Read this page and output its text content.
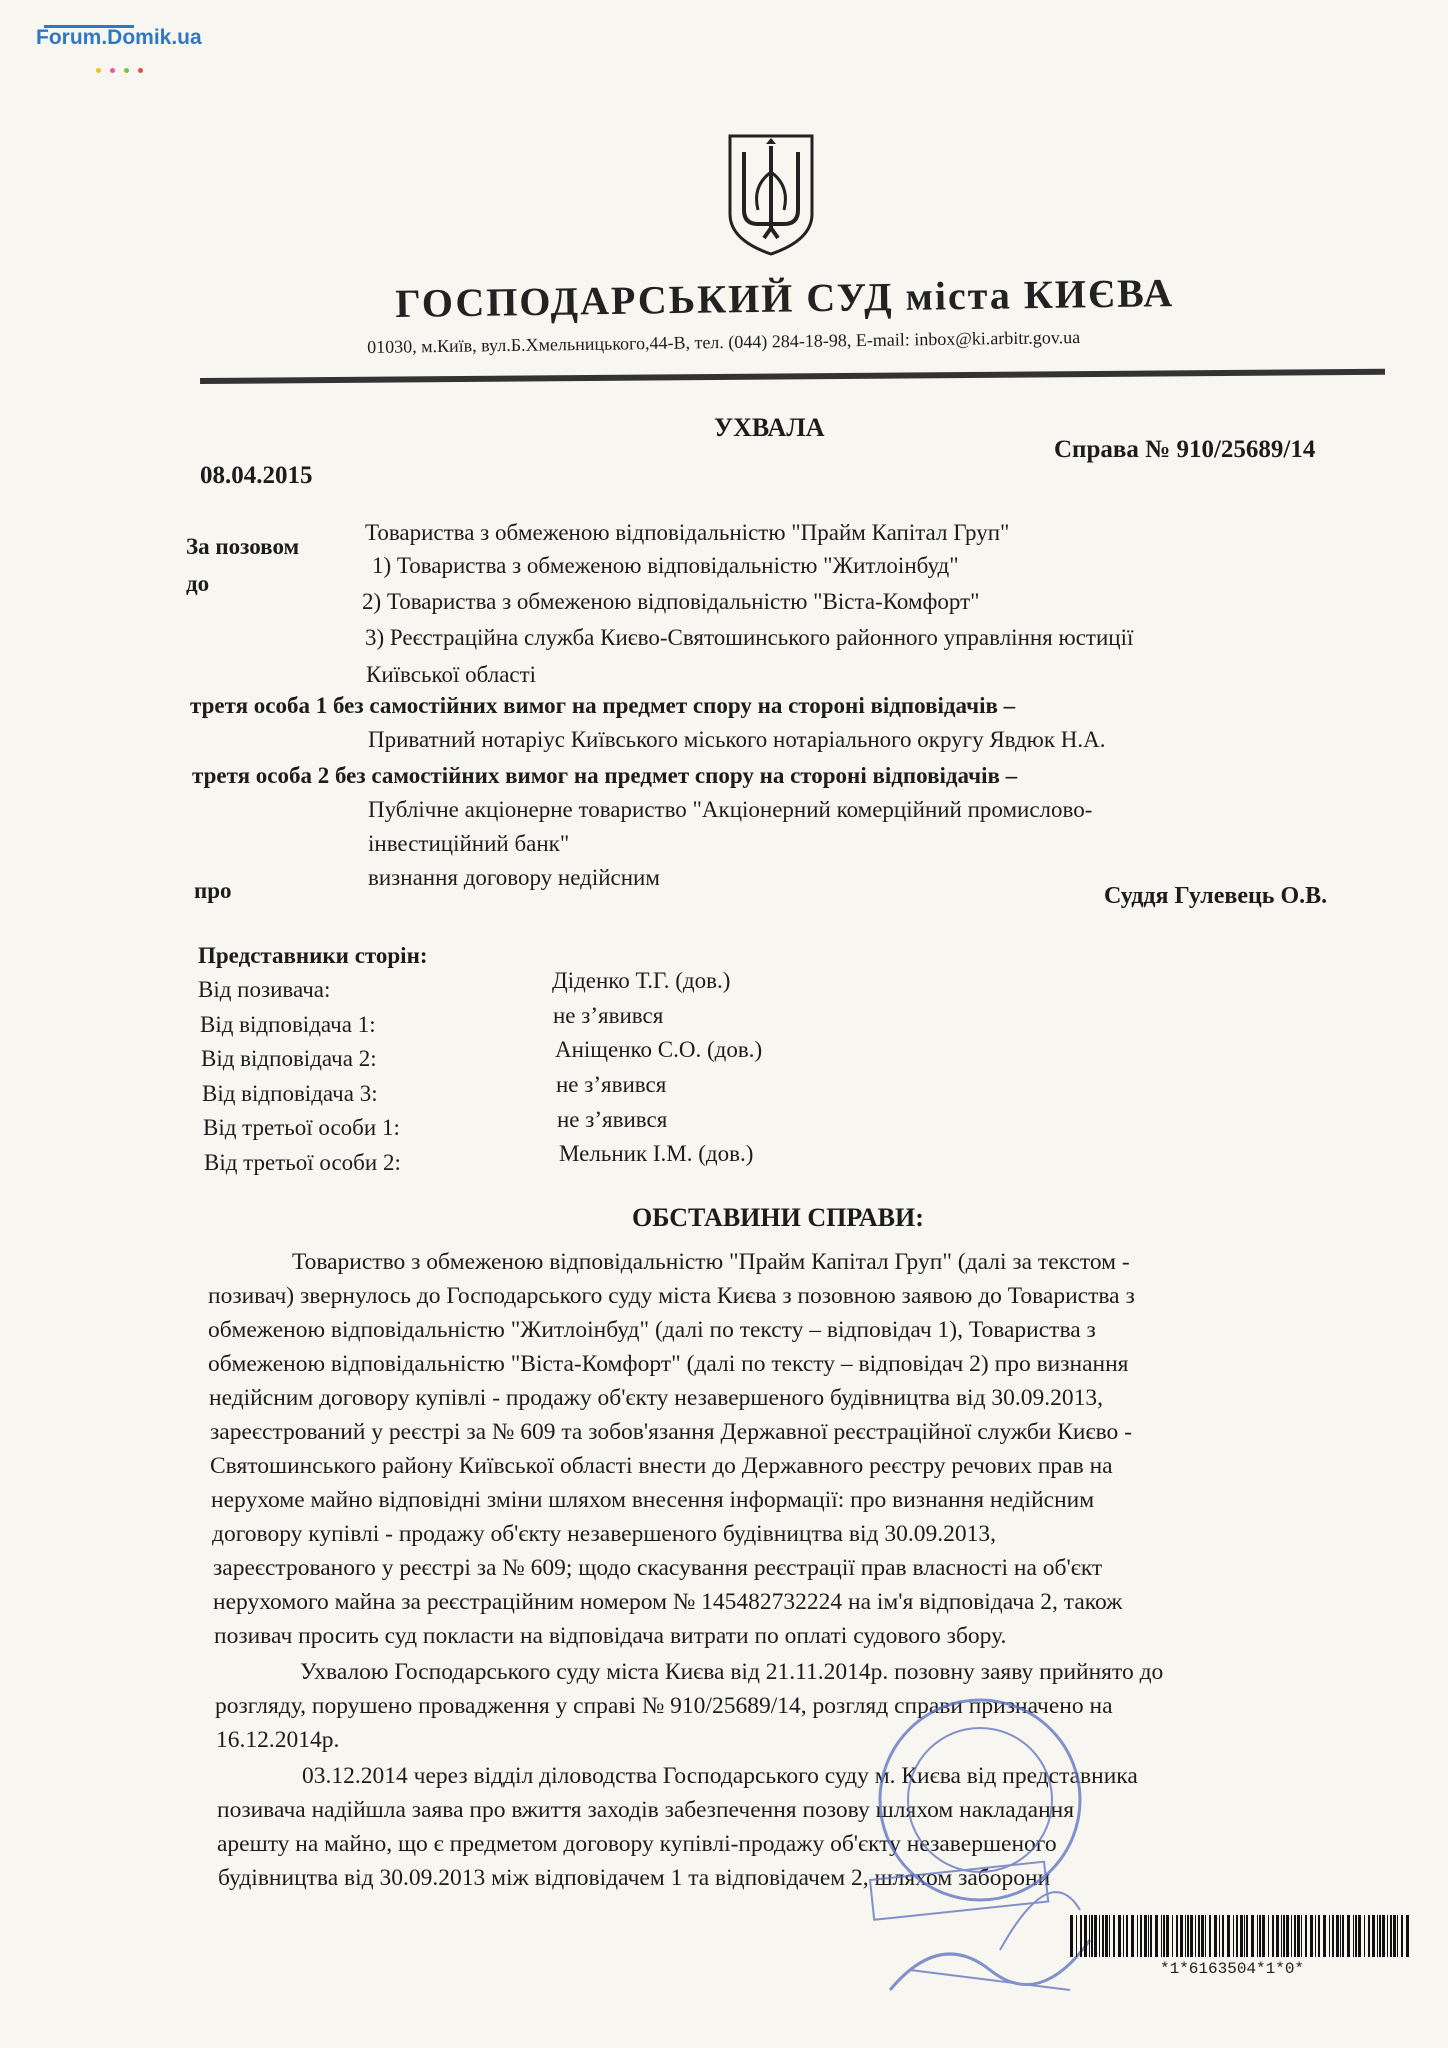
Forum.Domik.ua
ГОСПОДАРСЬКИЙ СУД міста КИЄВА
01030, м.Київ, вул.Б.Хмельницького,44-В, тел. (044) 284-18-98, E-mail: inbox@ki.arbitr.gov.ua
УХВАЛА
08.04.2015
Справа № 910/25689/14
За позовом
Товариства з обмеженою відповідальністю "Прайм Капітал Груп"
до
1) Товариства з обмеженою відповідальністю "Житлоінбуд"
2) Товариства з обмеженою відповідальністю "Віста-Комфорт"
3) Реєстраційна служба Києво-Святошинського районного управління юстиції
Київської області
третя особа 1 без самостійних вимог на предмет спору на стороні відповідачів –
Приватний нотаріус Київського міського нотаріального округу Явдюк Н.А.
третя особа 2 без самостійних вимог на предмет спору на стороні відповідачів –
Публічне акціонерне товариство "Акціонерний комерційний промислово-
інвестиційний банк"
про
визнання договору недійсним
Суддя Гулевець О.В.
Представники сторін:
Від позивача:	Діденко Т.Г. (дов.)
Від відповідача 1:	не з’явився
Від відповідача 2:	Аніщенко С.О. (дов.)
Від відповідача 3:	не з’явився
Від третьої особи 1:	не з’явився
Від третьої особи 2:	Мельник І.М. (дов.)
ОБСТАВИНИ СПРАВИ:
Товариство з обмеженою відповідальністю "Прайм Капітал Груп" (далі за текстом -
позивач) звернулось до Господарського суду міста Києва з позовною заявою до Товариства з
обмеженою відповідальністю "Житлоінбуд" (далі по тексту – відповідач 1), Товариства з
обмеженою відповідальністю "Віста-Комфорт" (далі по тексту – відповідач 2) про визнання
недійсним договору купівлі - продажу об'єкту незавершеного будівництва від 30.09.2013,
зареєстрований у реєстрі за № 609 та зобов'язання Державної реєстраційної служби Києво -
Святошинського району Київської області внести до Державного реєстру речових прав на
нерухоме майно відповідні зміни шляхом внесення інформації: про визнання недійсним
договору купівлі - продажу об'єкту незавершеного будівництва від 30.09.2013,
зареєстрованого у реєстрі за № 609; щодо скасування реєстрації прав власності на об'єкт
нерухомого майна за реєстраційним номером № 145482732224 на ім'я відповідача 2, також
позивач просить суд покласти на відповідача витрати по оплаті судового збору.
Ухвалою Господарського суду міста Києва від 21.11.2014р. позовну заяву прийнято до
розгляду, порушено провадження у справі № 910/25689/14, розгляд справи призначено на
16.12.2014р.
03.12.2014 через відділ діловодства Господарського суду м. Києва від представника
позивача надійшла заява про вжиття заходів забезпечення позову шляхом накладання
арешту на майно, що є предметом договору купівлі-продажу об'єкту незавершеного
будівництва від 30.09.2013 між відповідачем 1 та відповідачем 2, шляхом заборони
*1*6163504*1*0*
